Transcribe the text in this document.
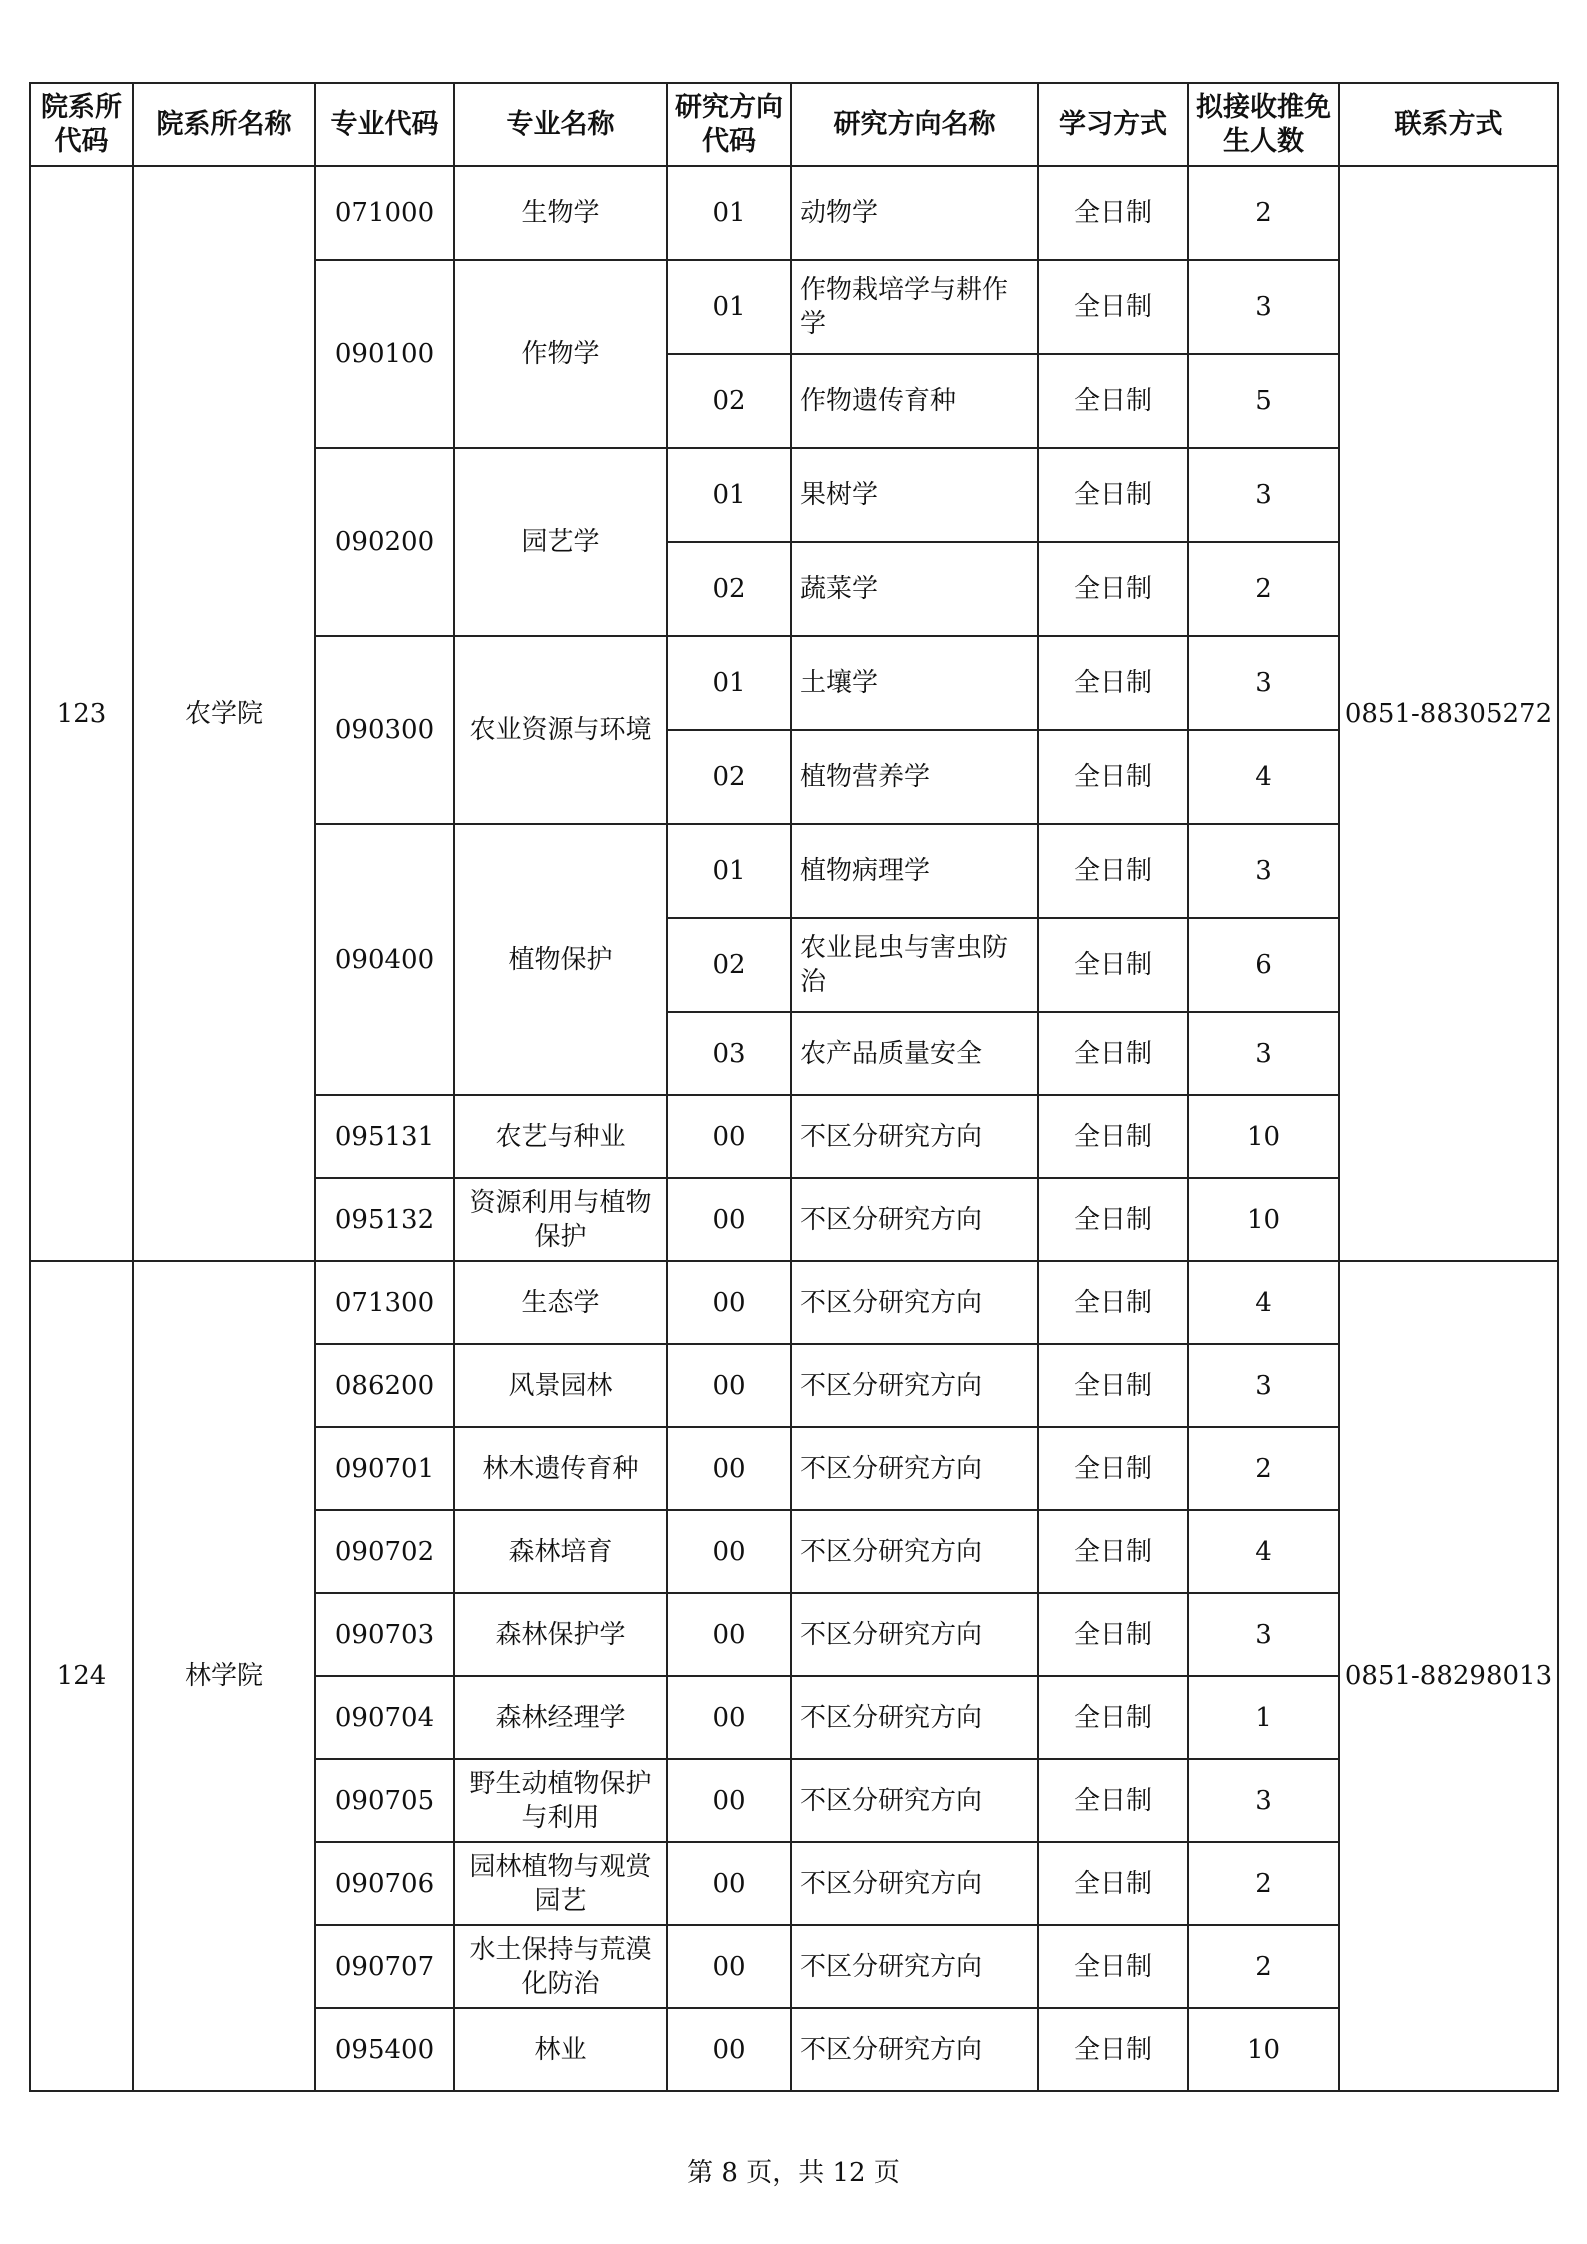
院系所代码	院系所名称	专业代码	专业名称	研究方向代码	研究方向名称	学习方式	拟接收推免生人数	联系方式
123	农学院	071000	生物学	01	动物学	全日制	2	0851-88305272
		090100	作物学	01	作物栽培学与耕作学	全日制	3	
				02	作物遗传育种	全日制	5	
		090200	园艺学	01	果树学	全日制	3	
				02	蔬菜学	全日制	2	
		090300	农业资源与环境	01	土壤学	全日制	3	
				02	植物营养学	全日制	4	
		090400	植物保护	01	植物病理学	全日制	3	
				02	农业昆虫与害虫防治	全日制	6	
				03	农产品质量安全	全日制	3	
		095131	农艺与种业	00	不区分研究方向	全日制	10	
		095132	资源利用与植物保护	00	不区分研究方向	全日制	10	
124	林学院	071300	生态学	00	不区分研究方向	全日制	4	0851-88298013
		086200	风景园林	00	不区分研究方向	全日制	3	
		090701	林木遗传育种	00	不区分研究方向	全日制	2	
		090702	森林培育	00	不区分研究方向	全日制	4	
		090703	森林保护学	00	不区分研究方向	全日制	3	
		090704	森林经理学	00	不区分研究方向	全日制	1	
		090705	野生动植物保护与利用	00	不区分研究方向	全日制	3	
		090706	园林植物与观赏园艺	00	不区分研究方向	全日制	2	
		090707	水土保持与荒漠化防治	00	不区分研究方向	全日制	2	
		095400	林业	00	不区分研究方向	全日制	10	
第 8 页，共 12 页
